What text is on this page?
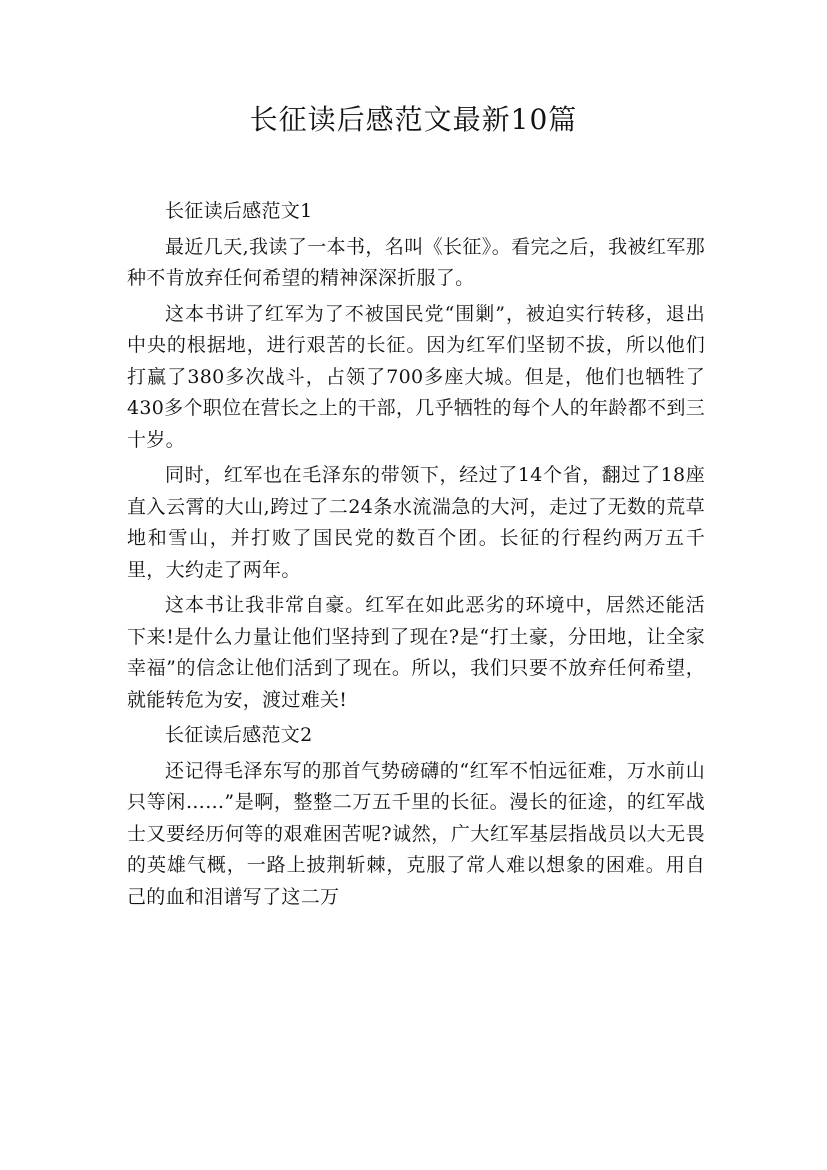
长征读后感范文最新10篇

长征读后感范文1

最近几天,我读了一本书，名叫《长征》。看完之后，我被红军那种不肯放弃任何希望的精神深深折服了。

这本书讲了红军为了不被国民党“围剿”，被迫实行转移，退出中央的根据地，进行艰苦的长征。因为红军们坚韧不拔，所以他们打赢了380多次战斗，占领了700多座大城。但是，他们也牺牲了430多个职位在营长之上的干部，几乎牺牲的每个人的年龄都不到三十岁。

同时，红军也在毛泽东的带领下，经过了14个省，翻过了18座直入云霄的大山,跨过了二24条水流湍急的大河，走过了无数的荒草地和雪山，并打败了国民党的数百个团。长征的行程约两万五千里，大约走了两年。

这本书让我非常自豪。红军在如此恶劣的环境中，居然还能活下来!是什么力量让他们坚持到了现在?是“打土豪，分田地，让全家幸福”的信念让他们活到了现在。所以，我们只要不放弃任何希望，就能转危为安，渡过难关!

长征读后感范文2

还记得毛泽东写的那首气势磅礴的“红军不怕远征难，万水前山只等闲……”是啊，整整二万五千里的长征。漫长的征途，的红军战士又要经历何等的艰难困苦呢?诚然，广大红军基层指战员以大无畏的英雄气概，一路上披荆斩棘，克服了常人难以想象的困难。用自己的血和泪谱写了这二万
